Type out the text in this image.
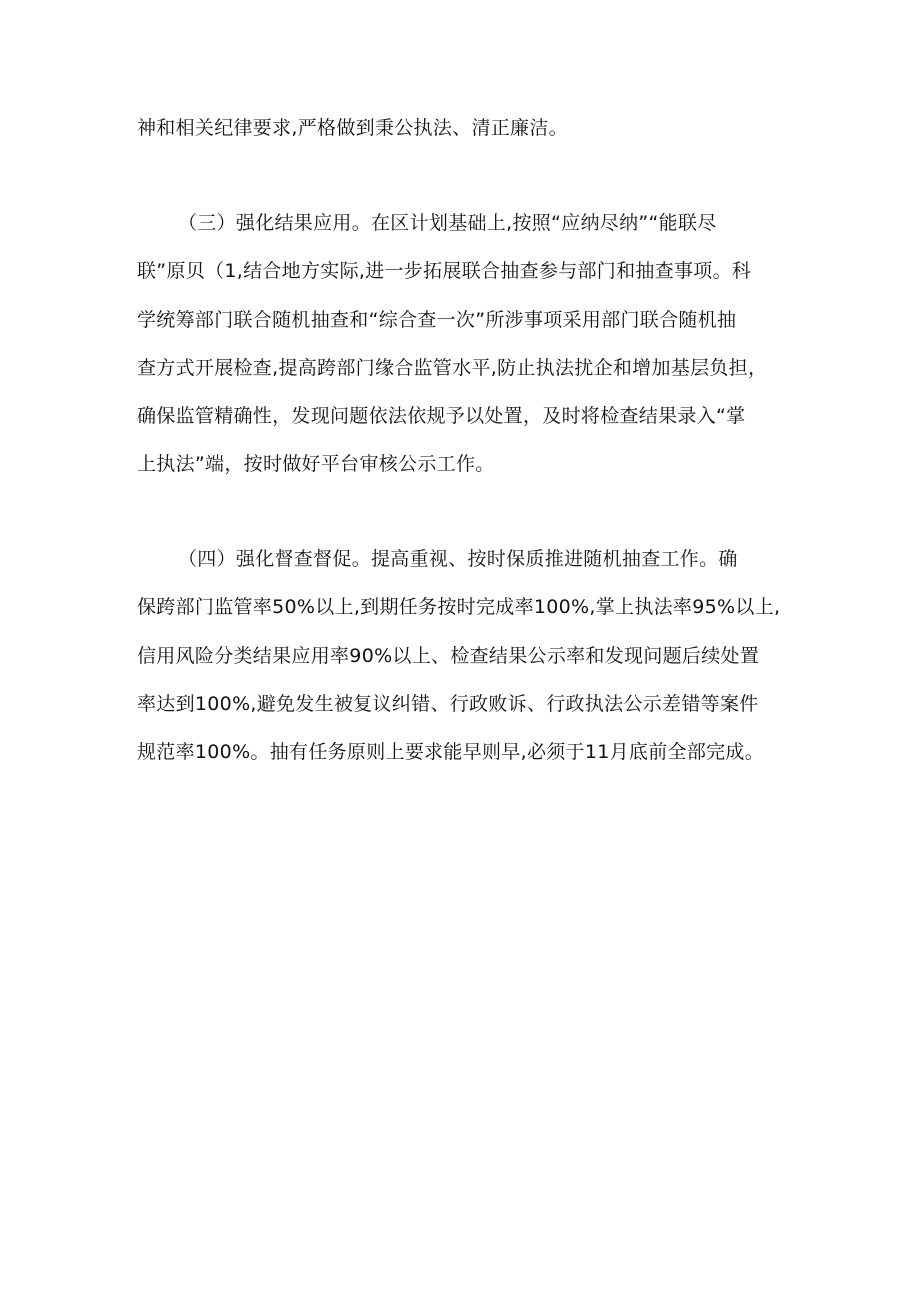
神和相关纪律要求,严格做到秉公执法、清正廉洁。
（三）强化结果应用。在区计划基础上,按照“应纳尽纳”“能联尽
联”原贝（1,结合地方实际,进一步拓展联合抽查参与部门和抽查事项。科
学统筹部门联合随机抽查和“综合查一次”所涉事项采用部门联合随机抽
查方式开展检查,提高跨部门缘合监管水平,防止执法扰企和增加基层负担，
确保监管精确性，发现问题依法依规予以处置，及时将检查结果录入“掌
上执法”端，按时做好平台审核公示工作。
（四）强化督查督促。提高重视、按时保质推进随机抽查工作。确
保跨部门监管率50%以上,到期任务按时完成率100%,掌上执法率95%以上,
信用风险分类结果应用率90%以上、检查结果公示率和发现问题后续处置
率达到100%,避免发生被复议纠错、行政败诉、行政执法公示差错等案件
规范率100%。抽有任务原则上要求能早则早,必须于11月底前全部完成。
